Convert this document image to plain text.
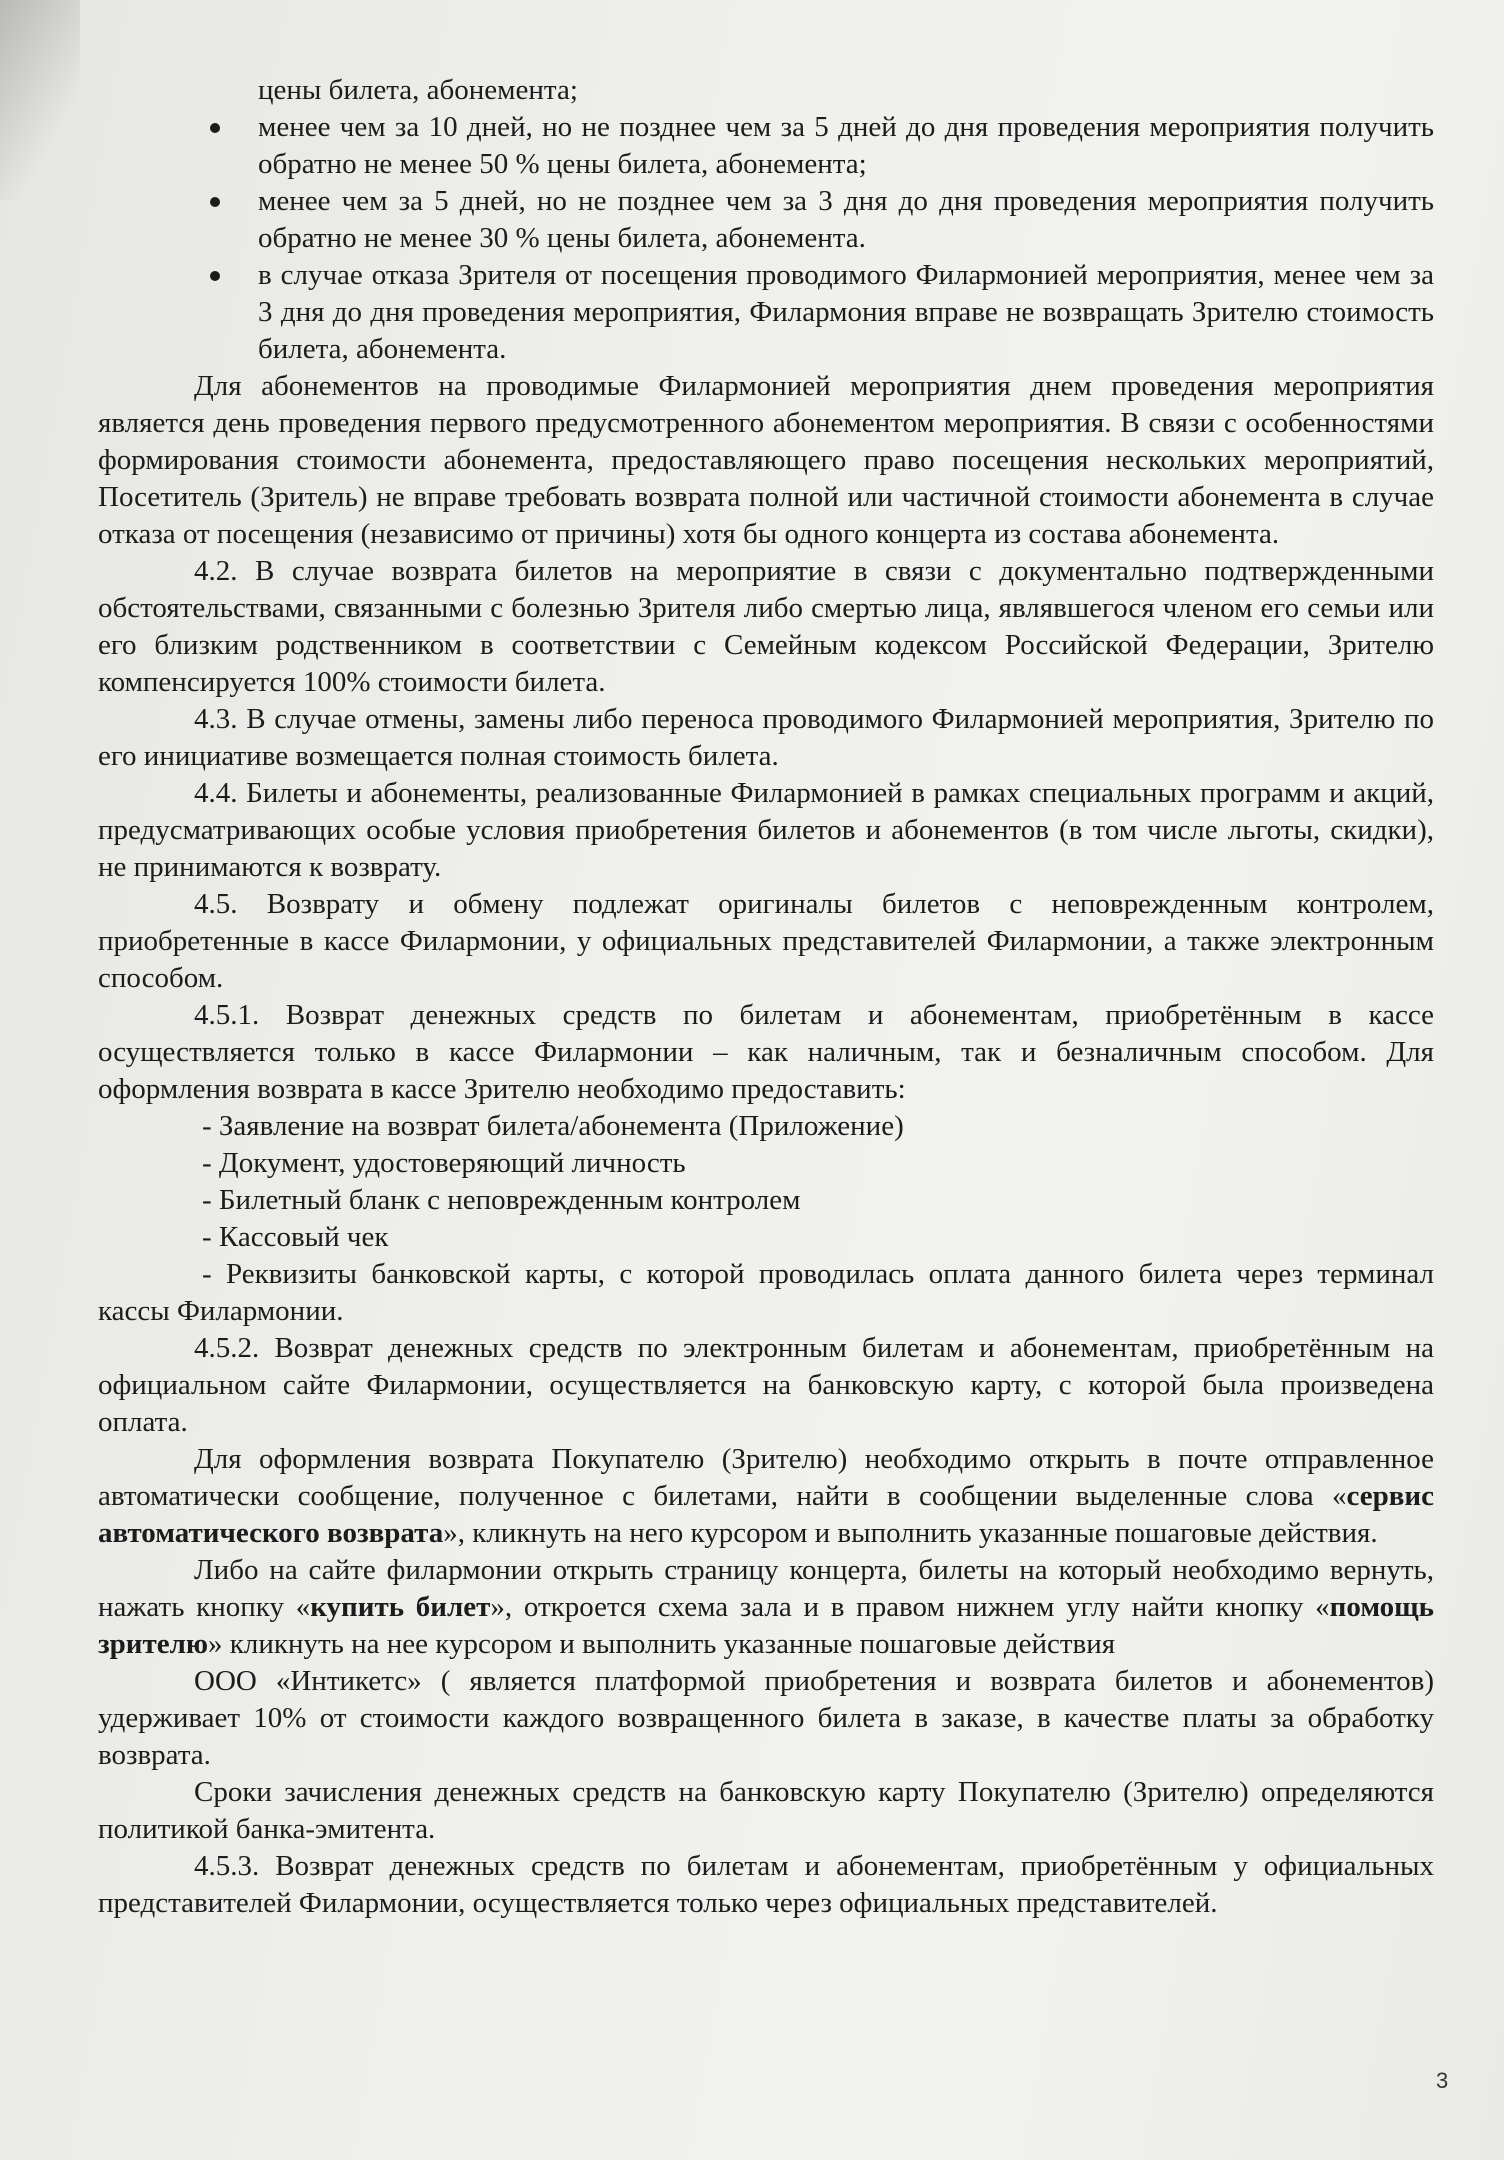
цены билета, абонемента;

менее чем за 10 дней, но не позднее чем за 5 дней до дня проведения мероприятия получить обратно не менее 50 % цены билета, абонемента;

менее чем за 5 дней, но не позднее чем за 3 дня до дня проведения мероприятия получить обратно не менее 30 % цены билета, абонемента.

в случае отказа Зрителя от посещения проводимого Филармонией мероприятия, менее чем за 3 дня до дня проведения мероприятия, Филармония вправе не возвращать Зрителю стоимость билета, абонемента.

Для абонементов на проводимые Филармонией мероприятия днем проведения мероприятия является день проведения первого предусмотренного абонементом мероприятия. В связи с особенностями формирования стоимости абонемента, предоставляющего право посещения нескольких мероприятий, Посетитель (Зритель) не вправе требовать возврата полной или частичной стоимости абонемента в случае отказа от посещения (независимо от причины) хотя бы одного концерта из состава абонемента.

4.2. В случае возврата билетов на мероприятие в связи с документально подтвержденными обстоятельствами, связанными с болезнью Зрителя либо смертью лица, являвшегося членом его семьи или его близким родственником в соответствии с Семейным кодексом Российской Федерации, Зрителю компенсируется 100% стоимости билета.

4.3. В случае отмены, замены либо переноса проводимого Филармонией мероприятия, Зрителю по его инициативе возмещается полная стоимость билета.

4.4. Билеты и абонементы, реализованные Филармонией в рамках специальных программ и акций, предусматривающих особые условия приобретения билетов и абонементов (в том числе льготы, скидки), не принимаются к возврату.

4.5. Возврату и обмену подлежат оригиналы билетов с неповрежденным контролем, приобретенные в кассе Филармонии, у официальных представителей Филармонии, а также электронным способом.

4.5.1. Возврат денежных средств по билетам и абонементам, приобретённым в кассе осуществляется только в кассе Филармонии – как наличным, так и безналичным способом. Для оформления возврата в кассе Зрителю необходимо предоставить:

- Заявление на возврат билета/абонемента (Приложение)

- Документ, удостоверяющий личность

- Билетный бланк с неповрежденным контролем

- Кассовый чек

- Реквизиты банковской карты, с которой проводилась оплата данного билета через терминал кассы Филармонии.

4.5.2. Возврат денежных средств по электронным билетам и абонементам, приобретённым на официальном сайте Филармонии, осуществляется на банковскую карту, с которой была произведена оплата.

Для оформления возврата Покупателю (Зрителю) необходимо открыть в почте отправленное автоматически сообщение, полученное с билетами, найти в сообщении выделенные слова «сервис автоматического возврата», кликнуть на него курсором и выполнить указанные пошаговые действия.

Либо на сайте филармонии открыть страницу концерта, билеты на который необходимо вернуть, нажать кнопку «купить билет», откроется схема зала и в правом нижнем углу найти кнопку «помощь зрителю» кликнуть на нее курсором и выполнить указанные пошаговые действия

ООО «Интикетс» ( является платформой приобретения и возврата билетов и абонементов) удерживает 10% от стоимости каждого возвращенного билета в заказе, в качестве платы за обработку возврата.

Сроки зачисления денежных средств на банковскую карту Покупателю (Зрителю) определяются политикой банка-эмитента.

4.5.3. Возврат денежных средств по билетам и абонементам, приобретённым у официальных представителей Филармонии, осуществляется только через официальных представителей.

3
